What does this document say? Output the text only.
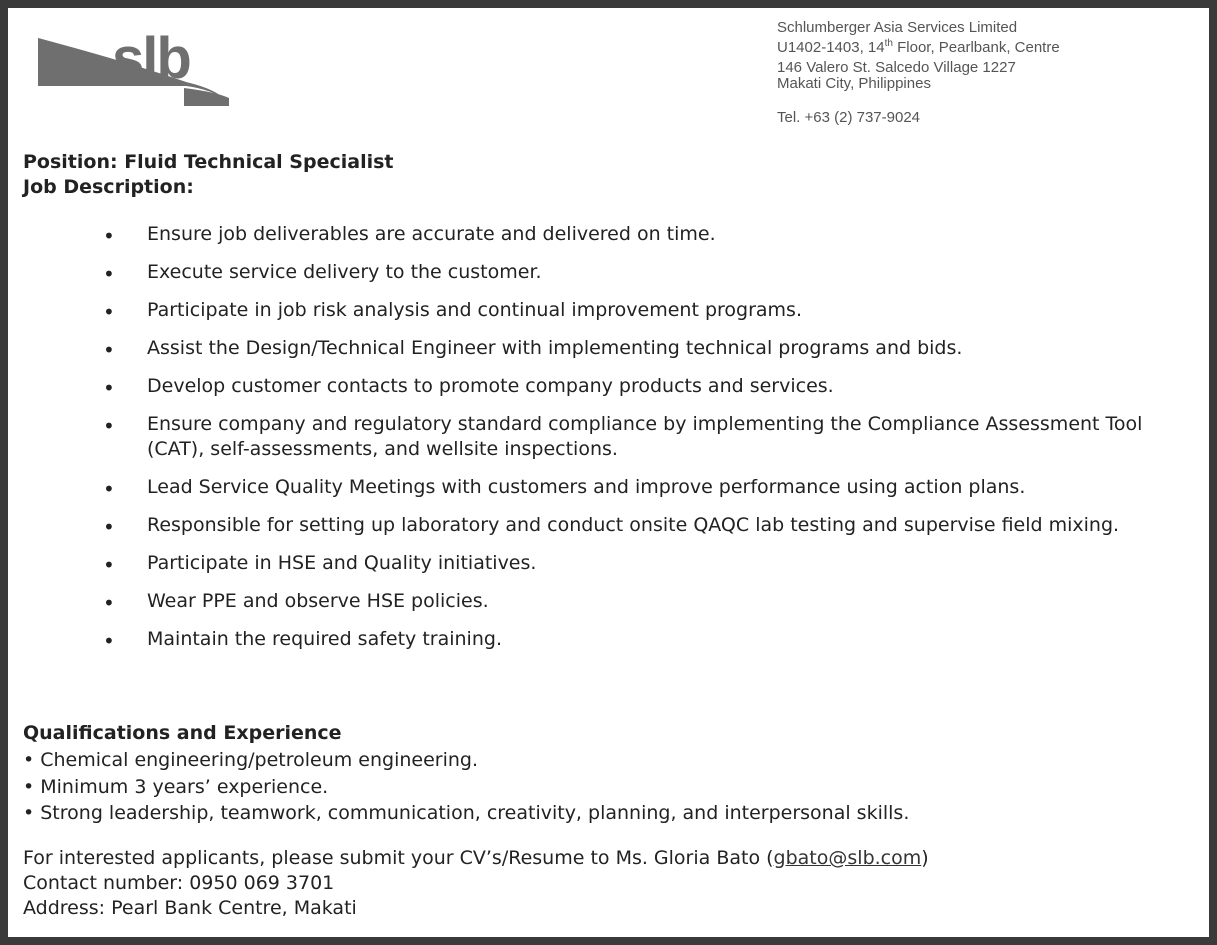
slb	Schlumberger Asia Services Limited
U1402-1403, 14th Floor, Pearlbank, Centre
146 Valero St. Salcedo Village 1227
Makati City, Philippines
Tel. +63 (2) 737-9024
Position: Fluid Technical Specialist
Job Description:
• Ensure job deliverables are accurate and delivered on time.
• Execute service delivery to the customer.
• Participate in job risk analysis and continual improvement programs.
• Assist the Design/Technical Engineer with implementing technical programs and bids.
• Develop customer contacts to promote company products and services.
• Ensure company and regulatory standard compliance by implementing the Compliance Assessment Tool (CAT), self-assessments, and wellsite inspections.
• Lead Service Quality Meetings with customers and improve performance using action plans.
• Responsible for setting up laboratory and conduct onsite QAQC lab testing and supervise field mixing.
• Participate in HSE and Quality initiatives.
• Wear PPE and observe HSE policies.
• Maintain the required safety training.
Qualifications and Experience
• Chemical engineering/petroleum engineering.
• Minimum 3 years’ experience.
• Strong leadership, teamwork, communication, creativity, planning, and interpersonal skills.
For interested applicants, please submit your CV’s/Resume to Ms. Gloria Bato (gbato@slb.com)
Contact number: 0950 069 3701
Address: Pearl Bank Centre, Makati
